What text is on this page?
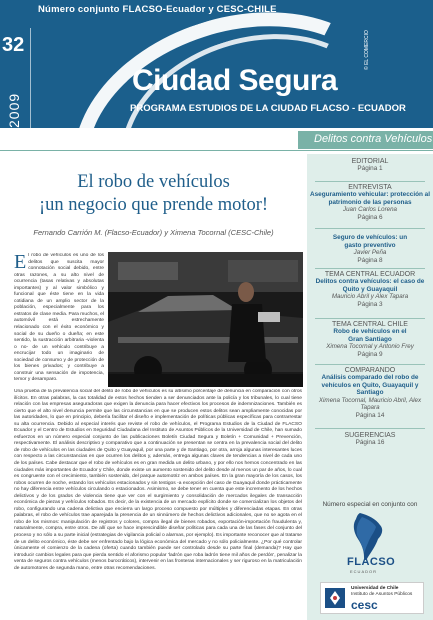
Número conjunto FLACSO-Ecuador y CESC-CHILE
32
2009
Ciudad Segura
PROGRAMA ESTUDIOS DE LA CIUDAD FLACSO - ECUADOR
© EL COMERCIO
Delitos contra Vehículos
El robo de vehículos
¡un negocio que prende motor!
Fernando Carrión M. (Flacso-Ecuador) y Ximena Tocornal (CESC-Chile)
El robo de vehículos es uno de los delitos que suscita mayor connotación social debido, entre otras razones, a su alto nivel de ocurrencia (tasas relativas y absolutas importantes) y al valor simbólico y funcional que éste tiene en la vida cotidiana de un amplio sector de la población, especialmente para los estratos de clase media. Para muchos, el automóvil está estrechamente relacionado con el éxito económico y social de su dueño o dueña; en este sentido, la sustracción arbitraria -violenta o no- de un vehículo contribuye a encrucijar todo un imaginario de sociedad de consumo y de protección de los bienes privados; y contribuye a construir una sensación de impotencia, temor y desamparo.

Una prueba de la prevalencia social del delito de robo de vehículos es su altísimo porcentaje de denuncia en comparación con otros ilícitos. En otras palabras, la cas totalidad de estos hechos tienden a ser denunciados ante la policía y los tribunales, lo cual tiene relación con las empresas aseguradoras que exigen la denuncia para hacer efectivos los procesos de indemnizaciones. También es cierto que el alto nivel denuncia permite que las circunstancias en que se producen estos delitos sean ampliamente conocidas por las autoridades, lo que en principio, debería facilitar el diseño e implementación de políticas públicas específicas para contrarrestar su alta ocurrencia. Debido al especial interés que reviste el robo de vehículos, el Programa Estudios de la Ciudad de FLACSO Ecuador y el Centro de Estudios en Seguridad Ciudadana del Instituto de Asuntos Públicos de la Universidad de Chile, han sumado esfuerzos en un número especial conjunto de las publicaciones Boletín Ciudad Segura y Boletín + Comunidad + Prevención, respectivamente. El análisis descriptivo y comparativo que a continuación se presentan se centra en la prevalencia social del delito de robo de vehículos en las ciudades de Quito y Guayaquil, por una parte y de Santiago, por otra, arroja algunas interesantes luces con respecto a las circunstancias en que ocurren los delitos y, además, entrega algunas claves de tendencias a nivel de cada uno de los países. Cabe destacar que el robo de vehículos es en gran medida un delito urbano, y por ello nos hemos concentrado en las ciudades más importantes de Ecuador y Chile, donde existe un aumento sostenido del delito desde al menos un par de años, lo cual es congruente con el crecimiento, también sostenido, del parque automotriz en ambos países. En la gran mayoría de los casos, los robos ocurren de noche, estando los vehículos estacionados y sin testigos -a excepción del caso de Guayaquil donde prácticamente no hay diferencia entre vehículos circulando o estacionados. Asimismo, se debe tener en cuenta que este incremento de los hechos delictivos y de los grados de violencia tiene que ver con el surgimiento y consolidación de mercados ilegales de transacción económica de piezas y vehículos robados. Es decir, de la existencia de un mercado explícito donde se comercializan los objetos del robo, configurando una cadena delictiva que encierra un largo proceso compuesto por múltiples y diferenciadas etapas. En otras palabras, el robo de vehículos trae aparejada la presencia de un sinnúmero de hechos delictivos adicionales, que no se agota en el robo de los mismos: manipulación de registros y colores, compra ilegal de bienes robados, exportación-importación fraudulenta y, naturalmente, compra, entre otros. De allí que se hace imprescindible diseñar políticas para cada una de las fases del conjunto del proceso y no sólo a su parte inicial (estrategias de vigilancia policial o alarmas, por ejemplo). Es importante reconocer que al tratarse de un delito económico, éste debe ser enfrentado bajo la lógica económica del mercado y no sólo policialmente. ¿Por qué controlar únicamente el comienzo de la cadena (oferta) cuando también puede ser controlado desde su parte final (demanda)? Hay que introducir cambios legales para que pierda sentido el aforismo popular 'ladrón que roba ladrón tiene mil años de perdón', penalizar la venta de seguros contra vehículos (menos burocráticos), intervenir en las fronteras internacionales y ser riguroso en la matriculación de automotores de segunda mano, entre otras recomendaciones.

EDITORIAL
Página 1
ENTREVISTA
Aseguramiento vehicular: protección al patrimonio de las personas
Juan Carlos Lorena
Página 6
Seguro de vehículos: un gasto preventivo
Javier Peña
Página 8
TEMA CENTRAL ECUADOR
Delitos contra vehículos: el caso de Quito y Guayaquil
Mauricio Abril y Alex Tapara
Página 3
TEMA CENTRAL CHILE
Robo de vehículos en el Gran Santiago
Ximena Tocornal y Antonio Frey
Página 9
COMPARANDO
Análisis comparado del robo de vehículos en Quito, Guayaquil y Santiago
Ximena Tocornal, Mauricio Abril, Alex Tapara
Página 14
SUGERENCIAS
Página 16
Número especial en conjunto con
FLACSO
ECUADOR
Universidad de Chile
Instituto de Asuntos Públicos
cesc
